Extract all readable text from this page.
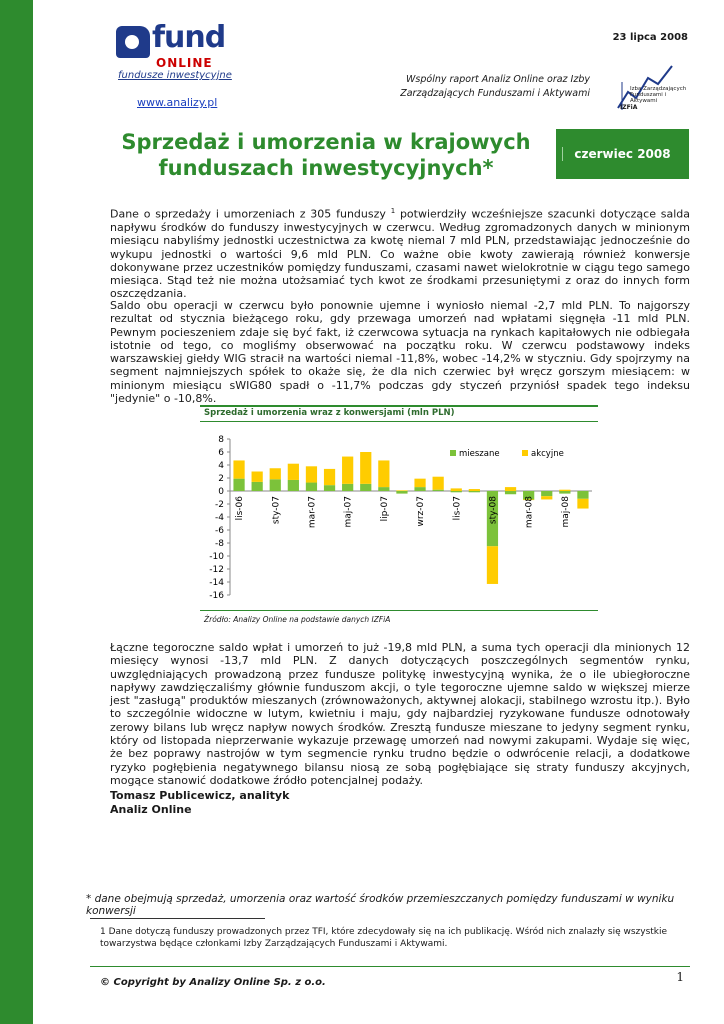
fund
ONLINE
fundusze inwestycyjne
www.analizy.pl
23 lipca 2008
Wspólny raport Analiz Online oraz Izby Zarządzających Funduszami i Aktywami	Izba Zarządzających Funduszami i Aktywami
IZFiA
Sprzedaż i umorzenia w krajowych funduszach inwestycyjnych*
czerwiec 2008
Dane o sprzedaży i umorzeniach z 305 funduszy $^1$ potwierdziły wcześniejsze szacunki dotyczące salda napływu środków do funduszy inwestycyjnych w czerwcu. Według zgromadzonych danych w minionym miesiącu nabyliśmy jednostki uczestnictwa za kwotę niemal 7 mld PLN, przedstawiając jednocześnie do wykupu jednostki o wartości 9,6 mld PLN. Co ważne obie kwoty zawierają również konwersje dokonywane przez uczestników pomiędzy funduszami, czasami nawet wielokrotnie w ciągu tego samego miesiąca. Stąd też nie można utożsamiać tych kwot ze środkami przesuniętymi z oraz do innych form oszczędzania.
Saldo obu operacji w czerwcu było ponownie ujemne i wyniosło niemal -2,7 mld PLN. To najgorszy rezultat od stycznia bieżącego roku, gdy przewaga umorzeń nad wpłatami sięgnęła -11 mld PLN. Pewnym pocieszeniem zdaje się być fakt, iż czerwcowa sytuacja na rynkach kapitałowych nie odbiegała istotnie od tego, co mogliśmy obserwować na początku roku. W czerwcu podstawowy indeks warszawskiej giełdy WIG stracił na wartości niemal -11,8%, wobec -14,2% w styczniu. Gdy spojrzymy na segment najmniejszych spółek to okaże się, że dla nich czerwiec był wręcz gorszym miesiącem: w minionym miesiącu sWIG80 spadł o -11,7% podczas gdy styczeń przyniósł spadek tego indeksu "jedynie" o -10,8%.
Sprzedaż i umorzenia wraz z konwersjami (mln PLN)
8
6
4
2
0
-2
-4
-6
-8
-10
-12
-14
-16
lis-06	sty-07	mar-07	maj-07	lip-07	wrz-07	lis-07	sty-08	mar-08	maj-08
mieszane	akcyjne
Źródło: Analizy Online na podstawie danych IZFiA
Łączne tegoroczne saldo wpłat i umorzeń to już -19,8 mld PLN, a suma tych operacji dla minionych 12 miesięcy wynosi -13,7 mld PLN. Z danych dotyczących poszczególnych segmentów rynku, uwzględniających prowadzoną przez fundusze politykę inwestycyjną wynika, że o ile ubiegłoroczne napływy zawdzięczaliśmy głównie funduszom akcji, o tyle tegoroczne ujemne saldo w większej mierze jest "zasługą" produktów mieszanych (zrównoważonych, aktywnej alokacji, stabilnego wzrostu itp.). Było to szczególnie widoczne w lutym, kwietniu i maju, gdy najbardziej ryzykowane fundusze odnotowały zerowy bilans lub wręcz napływ nowych środków. Zresztą fundusze mieszane to jedyny segment rynku, który od listopada nieprzerwanie wykazuje przewagę umorzeń nad nowymi zakupami. Wydaje się więc, że bez poprawy nastrojów w tym segmencie rynku trudno będzie o odwrócenie relacji, a dodatkowe ryzyko pogłębienia negatywnego bilansu niosą ze sobą pogłębiające się straty funduszy akcyjnych, mogące stanowić dodatkowe źródło potencjalnej podaży.
Tomasz Publicewicz, analityk
Analiz Online
* dane obejmują sprzedaż, umorzenia oraz wartość środków przemieszczanych pomiędzy funduszami w wyniku konwersji
1 Dane dotyczą funduszy prowadzonych przez TFI, które zdecydowały się na ich publikację. Wśród nich znalazły się wszystkie towarzystwa będące członkami Izby Zarządzających Funduszami i Aktywami.
1
© Copyright by Analizy Online Sp. z o.o.
